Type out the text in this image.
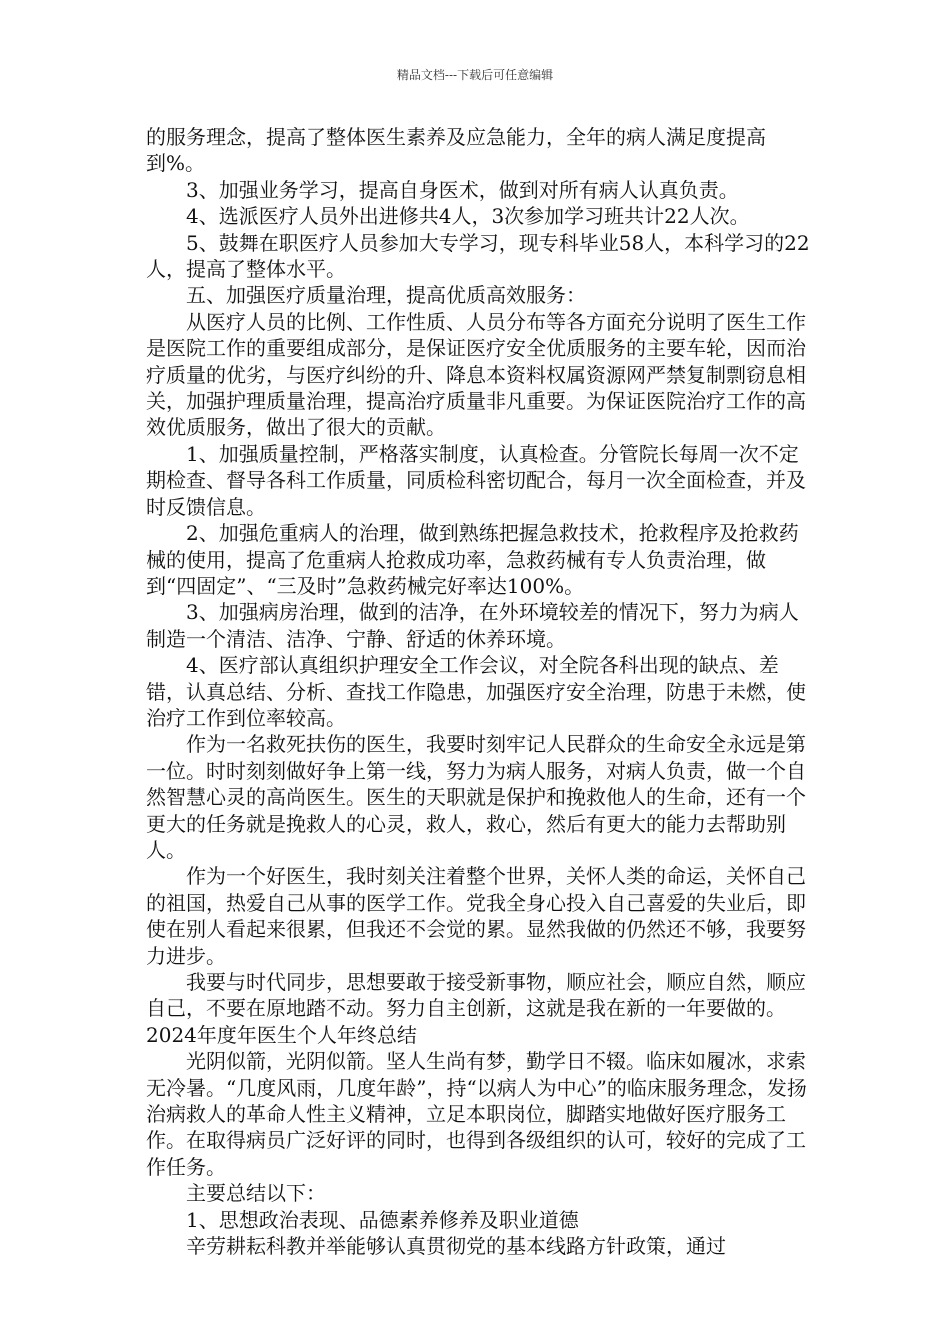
精品文档---下载后可任意编辑

的服务理念，提高了整体医生素养及应急能力，全年的病人满足度提高到%。

3、加强业务学习，提高自身医术，做到对所有病人认真负责。

4、选派医疗人员外出进修共4人，3次参加学习班共计22人次。

5、鼓舞在职医疗人员参加大专学习，现专科毕业58人，本科学习的22人，提高了整体水平。

五、加强医疗质量治理，提高优质高效服务：

从医疗人员的比例、工作性质、人员分布等各方面充分说明了医生工作是医院工作的重要组成部分，是保证医疗安全优质服务的主要车轮，因而治疗质量的优劣，与医疗纠纷的升、降息本资料权属资源网严禁复制剽窃息相关，加强护理质量治理，提高治疗质量非凡重要。为保证医院治疗工作的高效优质服务，做出了很大的贡献。

1、加强质量控制，严格落实制度，认真检查。分管院长每周一次不定期检查、督导各科工作质量，同质检科密切配合，每月一次全面检查，并及时反馈信息。

2、加强危重病人的治理，做到熟练把握急救技术，抢救程序及抢救药械的使用，提高了危重病人抢救成功率，急救药械有专人负责治理，做到“四固定”、“三及时”急救药械完好率达100%。

3、加强病房治理，做到的洁净，在外环境较差的情况下，努力为病人制造一个清洁、洁净、宁静、舒适的休养环境。

4、医疗部认真组织护理安全工作会议，对全院各科出现的缺点、差错，认真总结、分析、查找工作隐患，加强医疗安全治理，防患于未燃，使治疗工作到位率较高。

作为一名救死扶伤的医生，我要时刻牢记人民群众的生命安全永远是第一位。时时刻刻做好争上第一线，努力为病人服务，对病人负责，做一个自然智慧心灵的高尚医生。医生的天职就是保护和挽救他人的生命，还有一个更大的任务就是挽救人的心灵，救人，救心，然后有更大的能力去帮助别人。

作为一个好医生，我时刻关注着整个世界，关怀人类的命运，关怀自己的祖国，热爱自己从事的医学工作。党我全身心投入自己喜爱的失业后，即使在别人看起来很累，但我还不会觉的累。显然我做的仍然还不够，我要努力进步。

我要与时代同步，思想要敢于接受新事物，顺应社会，顺应自然，顺应自己，不要在原地踏不动。努力自主创新，这就是我在新的一年要做的。　　2024年度年医生个人年终总结

光阴似箭，光阴似箭。坚人生尚有梦，勤学日不辍。临床如履冰，求索无冷暑。“几度风雨，几度年龄”，持“以病人为中心”的临床服务理念，发扬治病救人的革命人性主义精神，立足本职岗位，脚踏实地做好医疗服务工作。在取得病员广泛好评的同时，也得到各级组织的认可，较好的完成了工作任务。

主要总结以下：

1、思想政治表现、品德素养修养及职业道德

辛劳耕耘科教并举能够认真贯彻党的基本线路方针政策，通过
